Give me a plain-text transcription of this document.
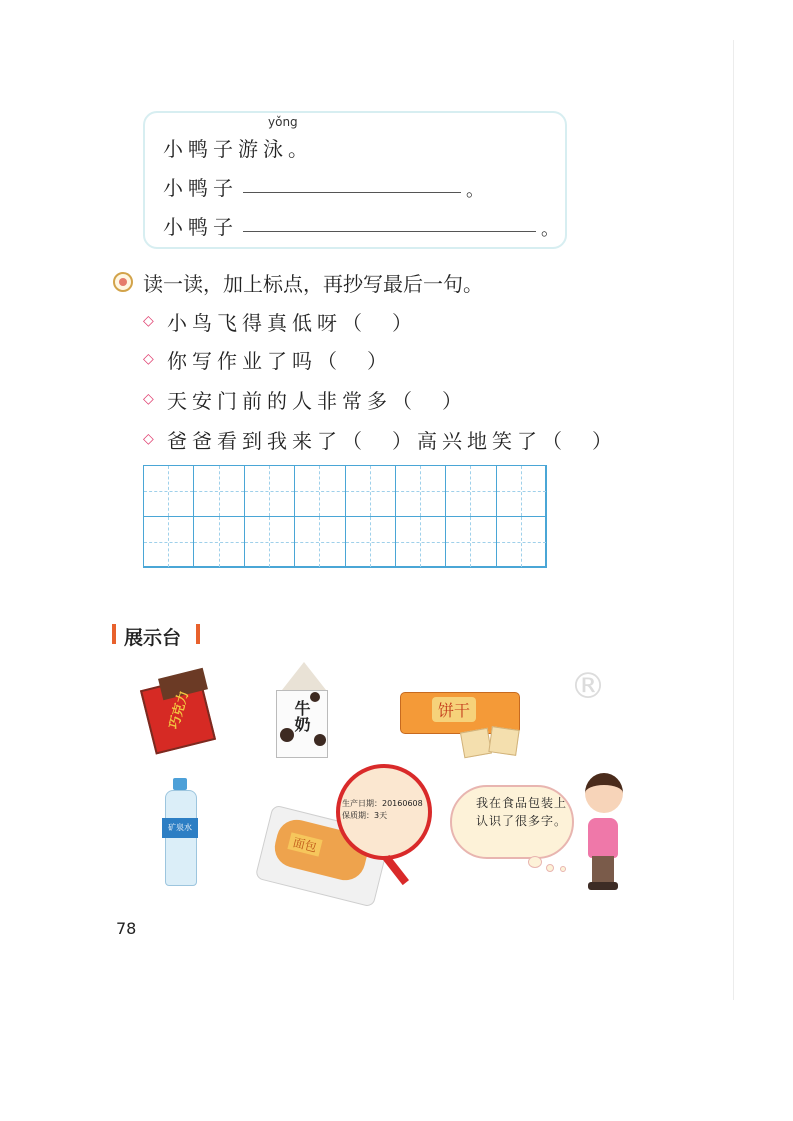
yǒng
小鸭子游泳。
小鸭子	。
小鸭子	。
读一读，加上标点，再抄写最后一句。
◇ 小鸟飞得真低呀（　）
◇ 你写作业了吗（　）
◇ 天安门前的人非常多（　）
◇ 爸爸看到我来了（　）高兴地笑了（　）
展示台
®
巧克力	牛奶	饼干
矿泉水
面包
生产日期：20160608
保质期：3天
我在食品包装上认识了很多字。
78
